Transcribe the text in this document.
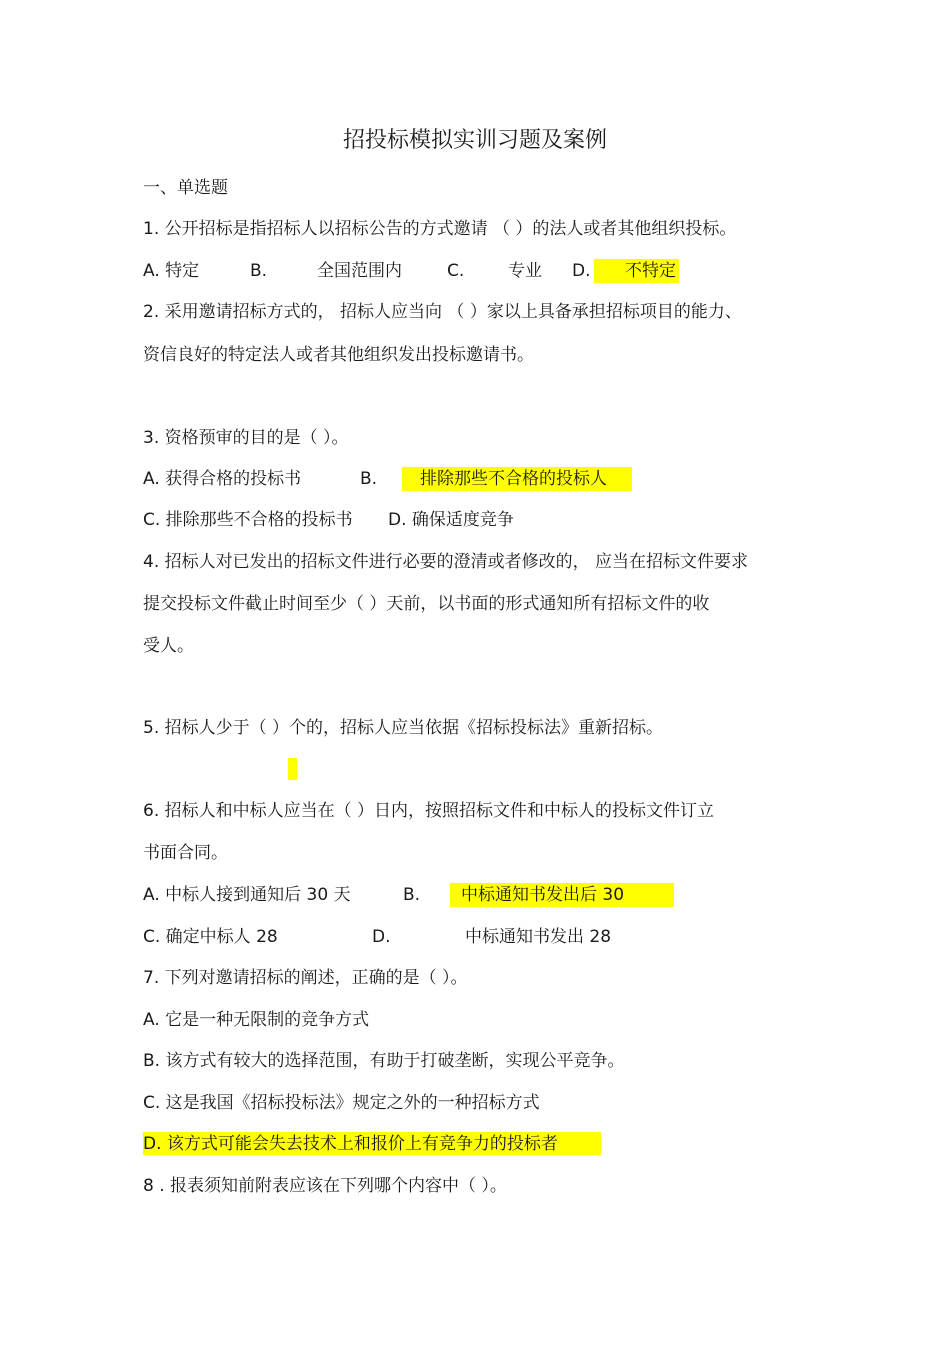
招投标模拟实训习题及案例
一、单选题
1. 公开招标是指招标人以招标公告的方式邀请 （ ）的法人或者其他组织投标。
A. 特定	B.	全国范围内	C.	专业 D. 不特定
2. 采用邀请招标方式的， 招标人应当向 （ ）家以上具备承担招标项目的能力、
资信良好的特定法人或者其他组织发出投标邀请书。
3. 资格预审的目的是（ ）。
A. 获得合格的投标书	B.	排除那些不合格的投标人
C. 排除那些不合格的投标书 D. 确保适度竞争
4. 招标人对已发出的招标文件进行必要的澄清或者修改的， 应当在招标文件要求
提交投标文件截止时间至少（ ）天前，以书面的形式通知所有招标文件的收
受人。
5. 招标人少于（ ）个的，招标人应当依据《招标投标法》重新招标。
6. 招标人和中标人应当在（ ）日内，按照招标文件和中标人的投标文件订立
书面合同。
A. 中标人接到通知后 30 天	B. 中标通知书发出后 30
C. 确定中标人 28	D.	中标通知书发出 28
7. 下列对邀请招标的阐述，正确的是（ ）。
A. 它是一种无限制的竞争方式
B. 该方式有较大的选择范围，有助于打破垄断，实现公平竞争。
C. 这是我国《招标投标法》规定之外的一种招标方式
D. 该方式可能会失去技术上和报价上有竞争力的投标者
8 . 报表须知前附表应该在下列哪个内容中（ ）。
